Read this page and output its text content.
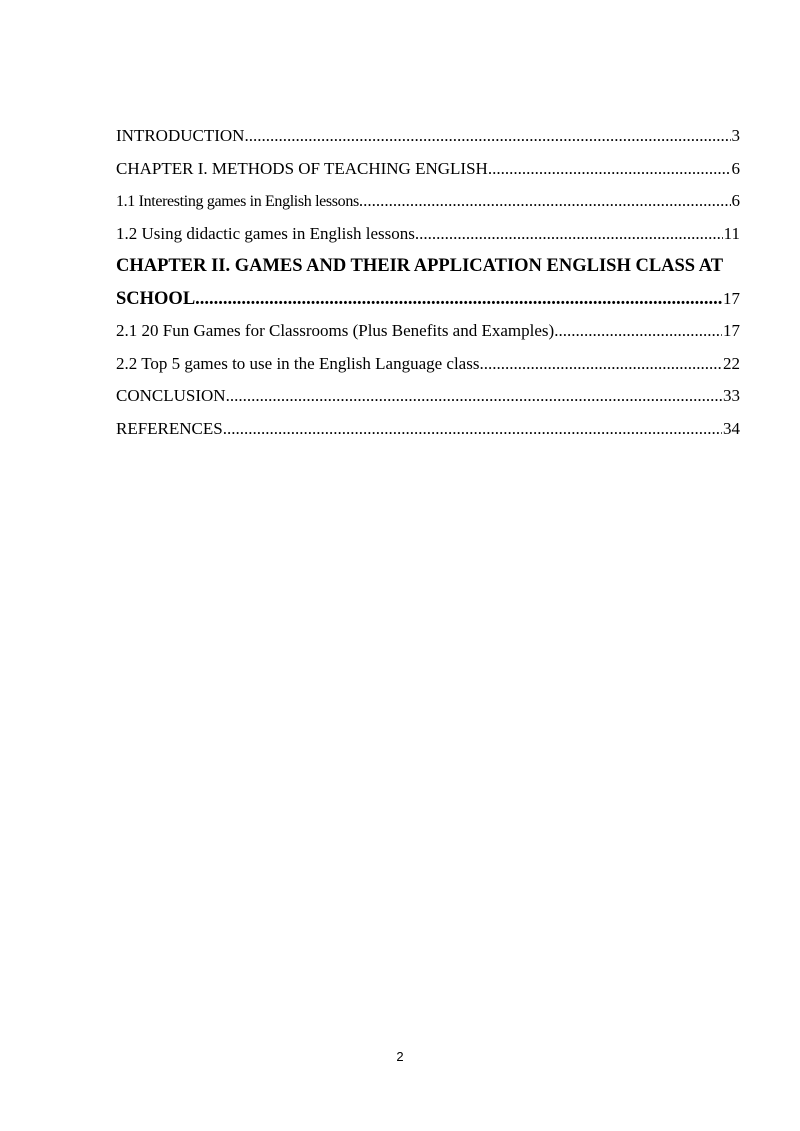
INTRODUCTION .....	3
CHAPTER I. METHODS OF TEACHING ENGLISH .....	6
1.1 Interesting games in English lessons .....	6
1.2 Using didactic games in English lessons .....	11
CHAPTER II. GAMES AND THEIR APPLICATION ENGLISH CLASS AT
SCHOOL .....	17
2.1 20 Fun Games for Classrooms (Plus Benefits and Examples) .....	17
2.2 Top 5 games to use in the English Language class .....	22
CONCLUSION .....	33
REFERENCES .....	34
2
